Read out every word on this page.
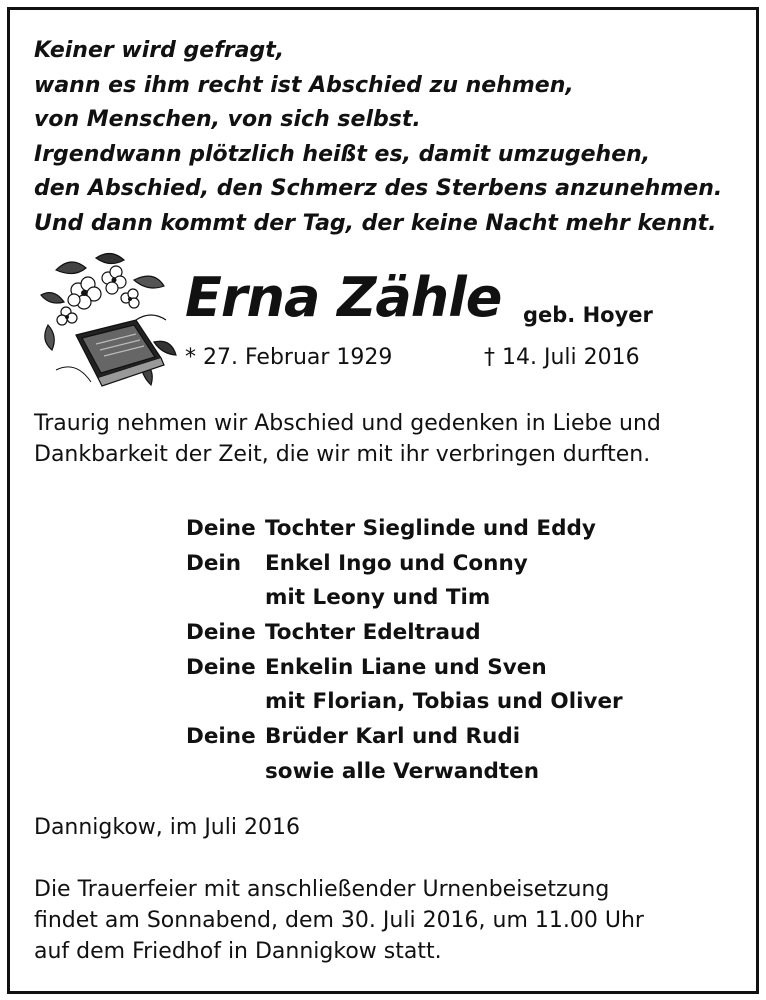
Keiner wird gefragt,
wann es ihm recht ist Abschied zu nehmen,
von Menschen, von sich selbst.
Irgendwann plötzlich heißt es, damit umzugehen,
den Abschied, den Schmerz des Sterbens anzunehmen.
Und dann kommt der Tag, der keine Nacht mehr kennt.
Erna Zähle geb. Hoyer
* 27. Februar 1929	† 14. Juli 2016
Traurig nehmen wir Abschied und gedenken in Liebe und
Dankbarkeit der Zeit, die wir mit ihr verbringen durften.
Deine Tochter Sieglinde und Eddy
Dein Enkel Ingo und Conny
mit Leony und Tim
Deine Tochter Edeltraud
Deine Enkelin Liane und Sven
mit Florian, Tobias und Oliver
Deine Brüder Karl und Rudi
sowie alle Verwandten
Dannigkow, im Juli 2016
Die Trauerfeier mit anschließender Urnenbeisetzung
findet am Sonnabend, dem 30. Juli 2016, um 11.00 Uhr
auf dem Friedhof in Dannigkow statt.
